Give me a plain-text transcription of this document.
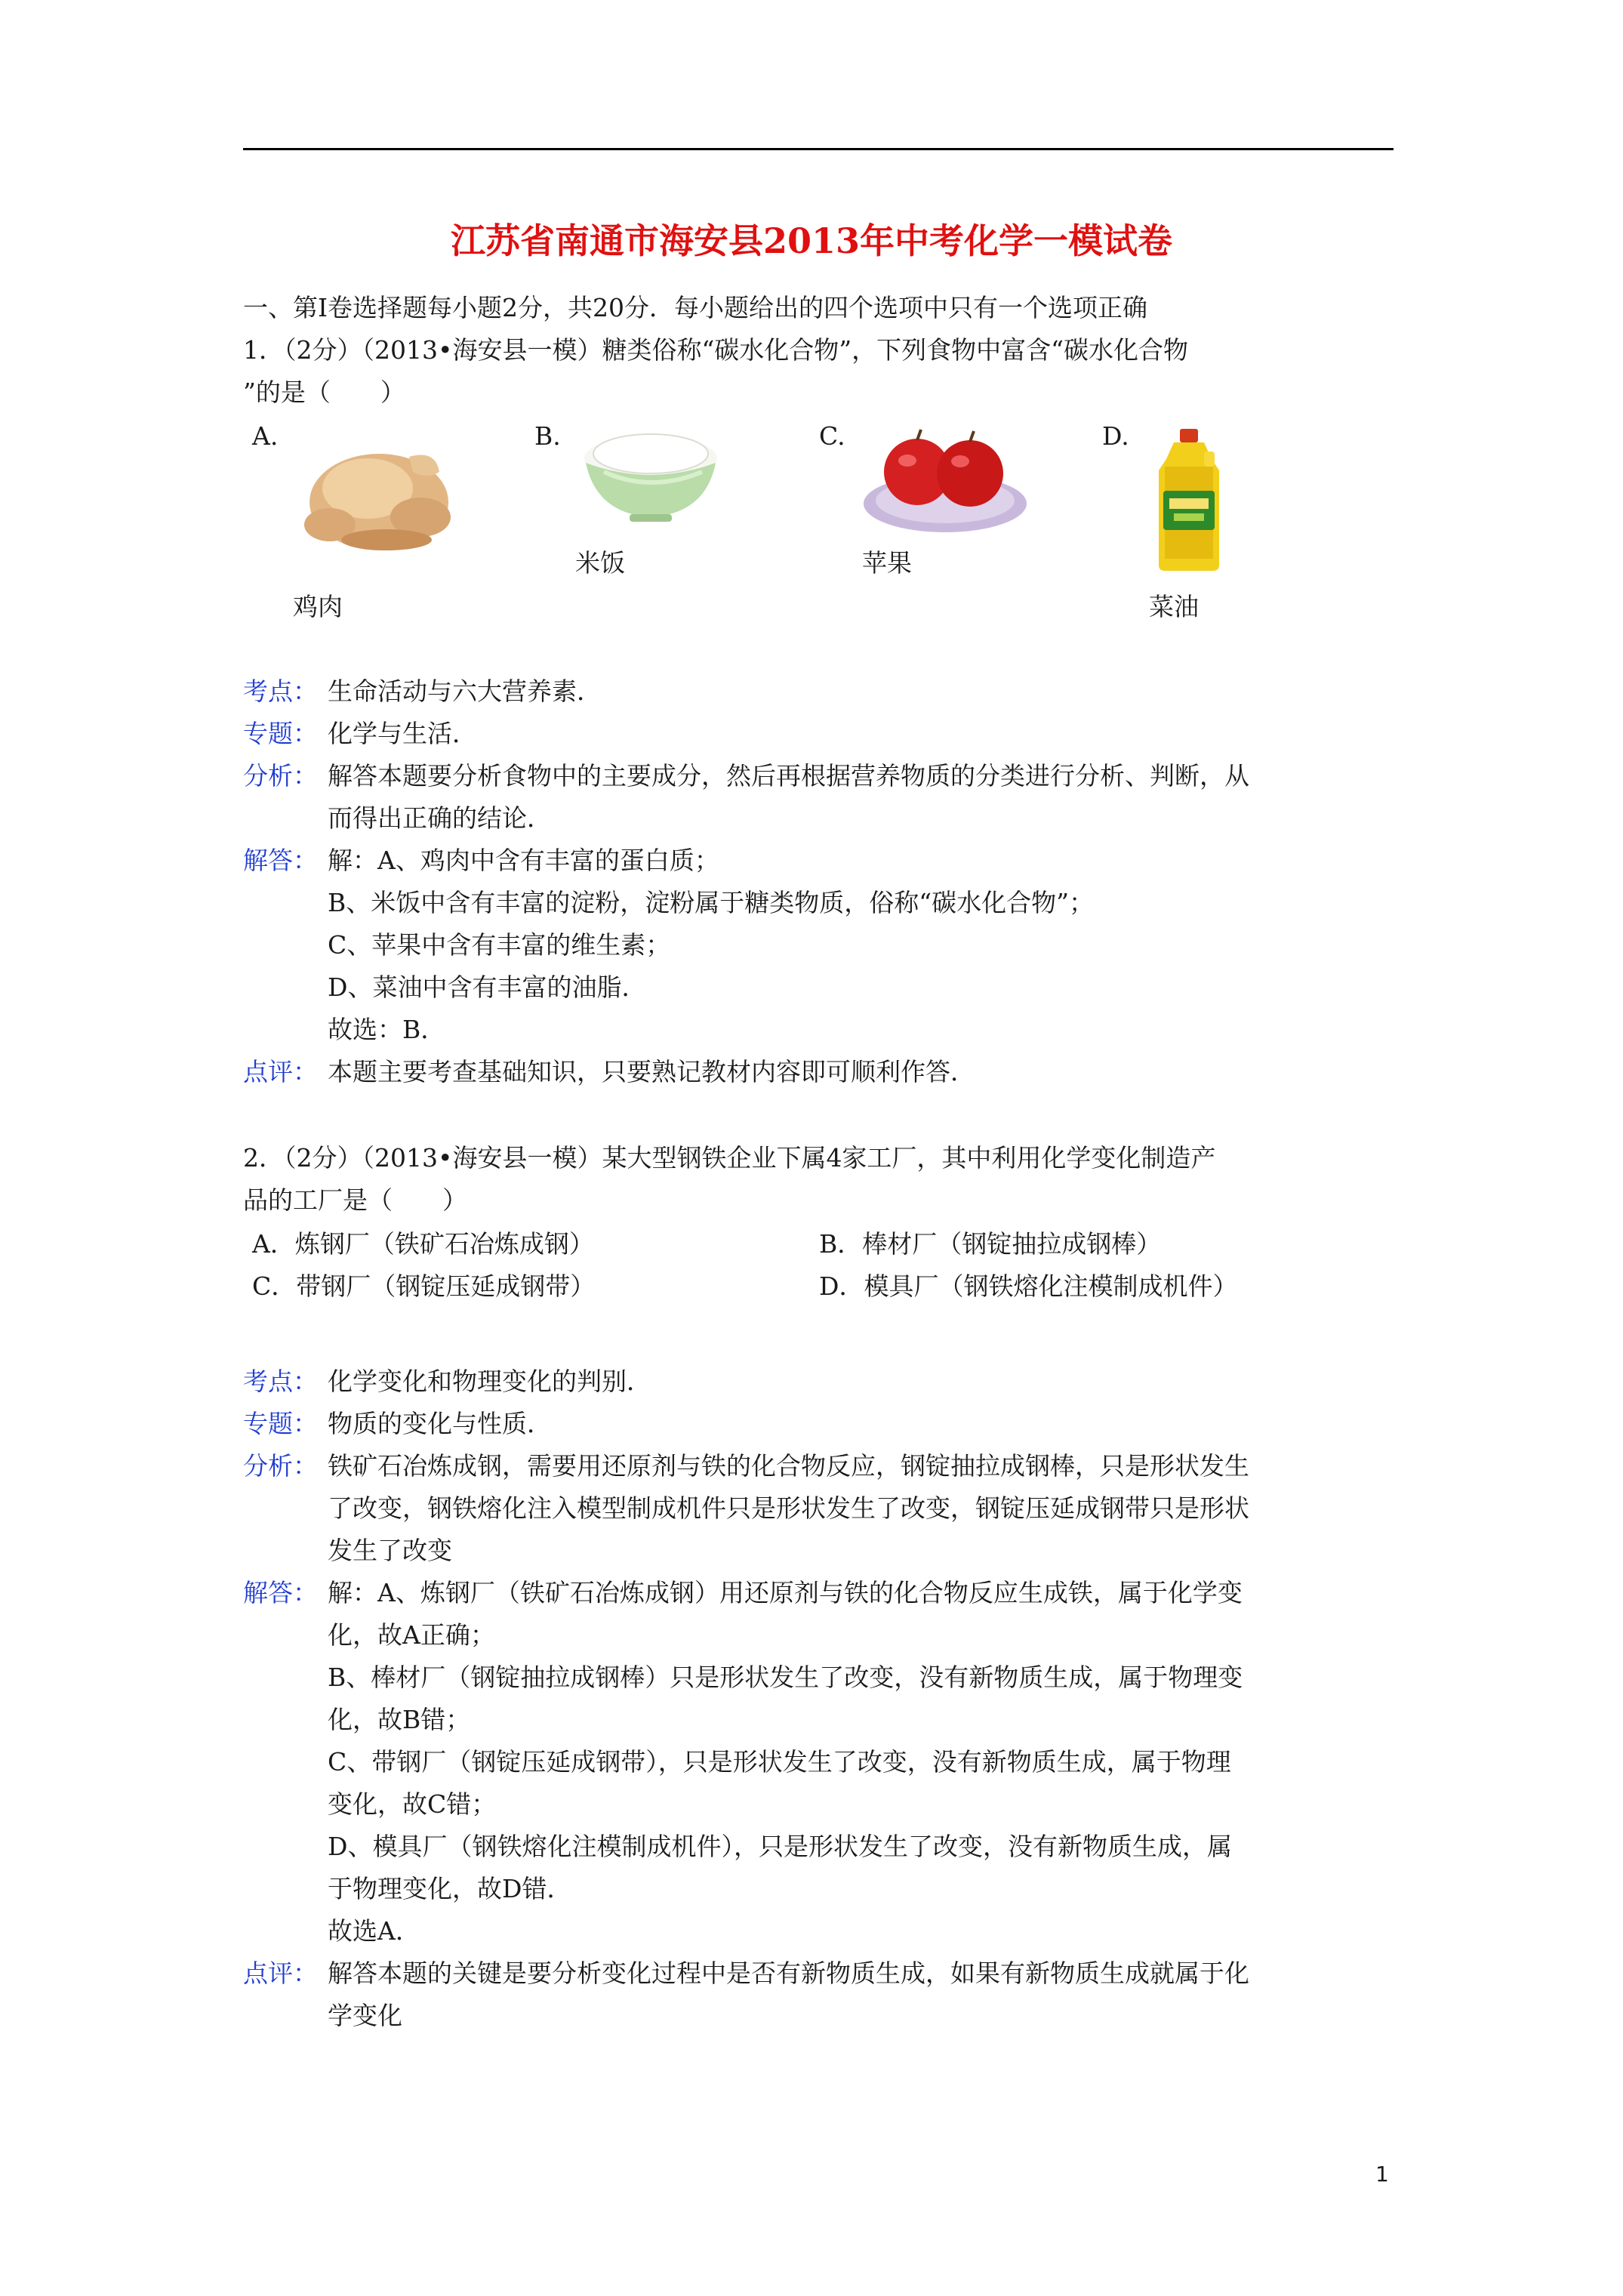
江苏省南通市海安县2013年中考化学一模试卷
一、第Ⅰ卷选择题每小题2分，共20分．每小题给出的四个选项中只有一个选项正确
1．（2分）（2013•海安县一模）糖类俗称“碳水化合物”，下列食物中富含“碳水化合物
”的是（　　）
A.	B.	C.	D.
鸡肉
米饭	苹果
菜油
考点： 生命活动与六大营养素．
专题： 化学与生活．
分析： 解答本题要分析食物中的主要成分，然后再根据营养物质的分类进行分析、判断，从
而得出正确的结论．
解答： 解：A、鸡肉中含有丰富的蛋白质；
B、米饭中含有丰富的淀粉，淀粉属于糖类物质，俗称“碳水化合物”；
C、苹果中含有丰富的维生素；
D、菜油中含有丰富的油脂．
故选：B．
点评： 本题主要考查基础知识，只要熟记教材内容即可顺利作答．
2．（2分）（2013•海安县一模）某大型钢铁企业下属4家工厂，其中利用化学变化制造产
品的工厂是（　　）
A．炼钢厂（铁矿石冶炼成钢）	B．棒材厂（钢锭抽拉成钢棒）
C．带钢厂（钢锭压延成钢带）	D．模具厂（钢铁熔化注模制成机件）
考点： 化学变化和物理变化的判别．
专题： 物质的变化与性质．
分析： 铁矿石冶炼成钢，需要用还原剂与铁的化合物反应，钢锭抽拉成钢棒，只是形状发生
了改变，钢铁熔化注入模型制成机件只是形状发生了改变，钢锭压延成钢带只是形状
发生了改变
解答： 解：A、炼钢厂（铁矿石冶炼成钢）用还原剂与铁的化合物反应生成铁，属于化学变
化，故A正确；
B、棒材厂（钢锭抽拉成钢棒）只是形状发生了改变，没有新物质生成，属于物理变
化，故B错；
C、带钢厂（钢锭压延成钢带），只是形状发生了改变，没有新物质生成，属于物理
变化，故C错；
D、模具厂（钢铁熔化注模制成机件），只是形状发生了改变，没有新物质生成，属
于物理变化，故D错．
故选A．
点评： 解答本题的关键是要分析变化过程中是否有新物质生成，如果有新物质生成就属于化
学变化
1
